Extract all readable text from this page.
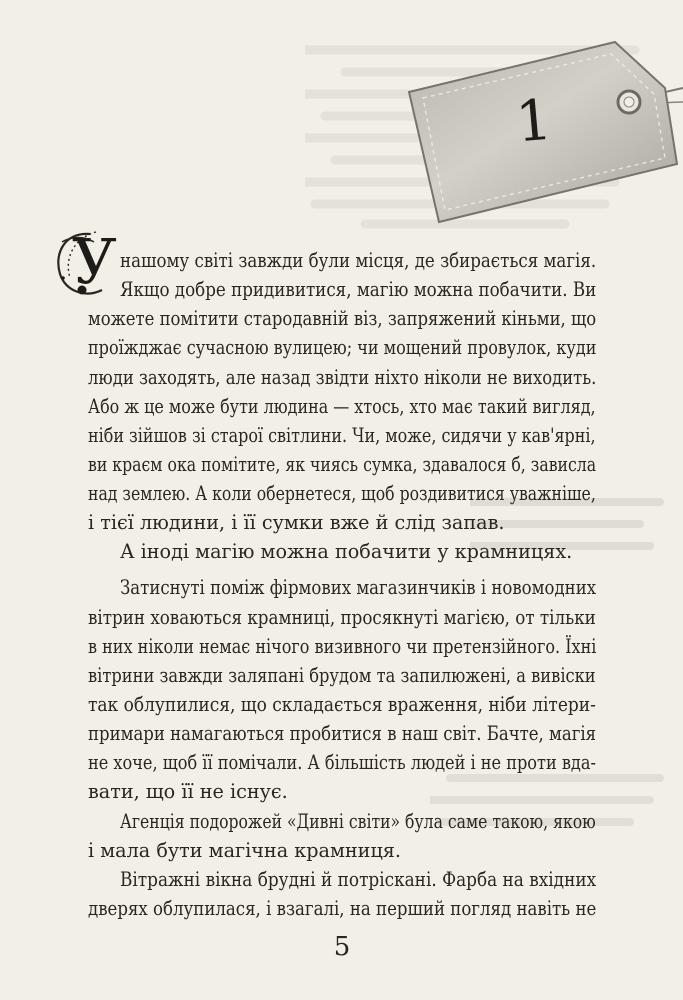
1
У нашому світі завжди були місця, де збирається магія.
Якщо добре придивитися, магію можна побачити. Ви
можете помітити стародавній віз, запряжений кіньми, що
проїжджає сучасною вулицею; чи мощений провулок, куди
люди заходять, але назад звідти ніхто ніколи не виходить.
Або ж це може бути людина — хтось, хто має такий вигляд,
ніби зійшов зі старої світлини. Чи, може, сидячи у кав'ярні,
ви краєм ока помітите, як чиясь сумка, здавалося б, зависла
над землею. А коли обернетеся, щоб роздивитися уважніше,
і тієї людини, і її сумки вже й слід запав.
А іноді магію можна побачити у крамницях.
Затиснуті поміж фірмових магазинчиків і новомодних
вітрин ховаються крамниці, просякнуті магією, от тільки
в них ніколи немає нічого визивного чи претензійного. Їхні
вітрини завжди заляпані брудом та запилюжені, а вивіски
так облупилися, що складається враження, ніби літери-
примари намагаються пробитися в наш світ. Бачте, магія
не хоче, щоб її помічали. А більшість людей і не проти вда-
вати, що її не існує.
Агенція подорожей «Дивні світи» була саме такою, якою
і мала бути магічна крамниця.
Вітражні вікна брудні й потріскані. Фарба на вхідних
дверях облупилася, і взагалі, на перший погляд навіть не
5
